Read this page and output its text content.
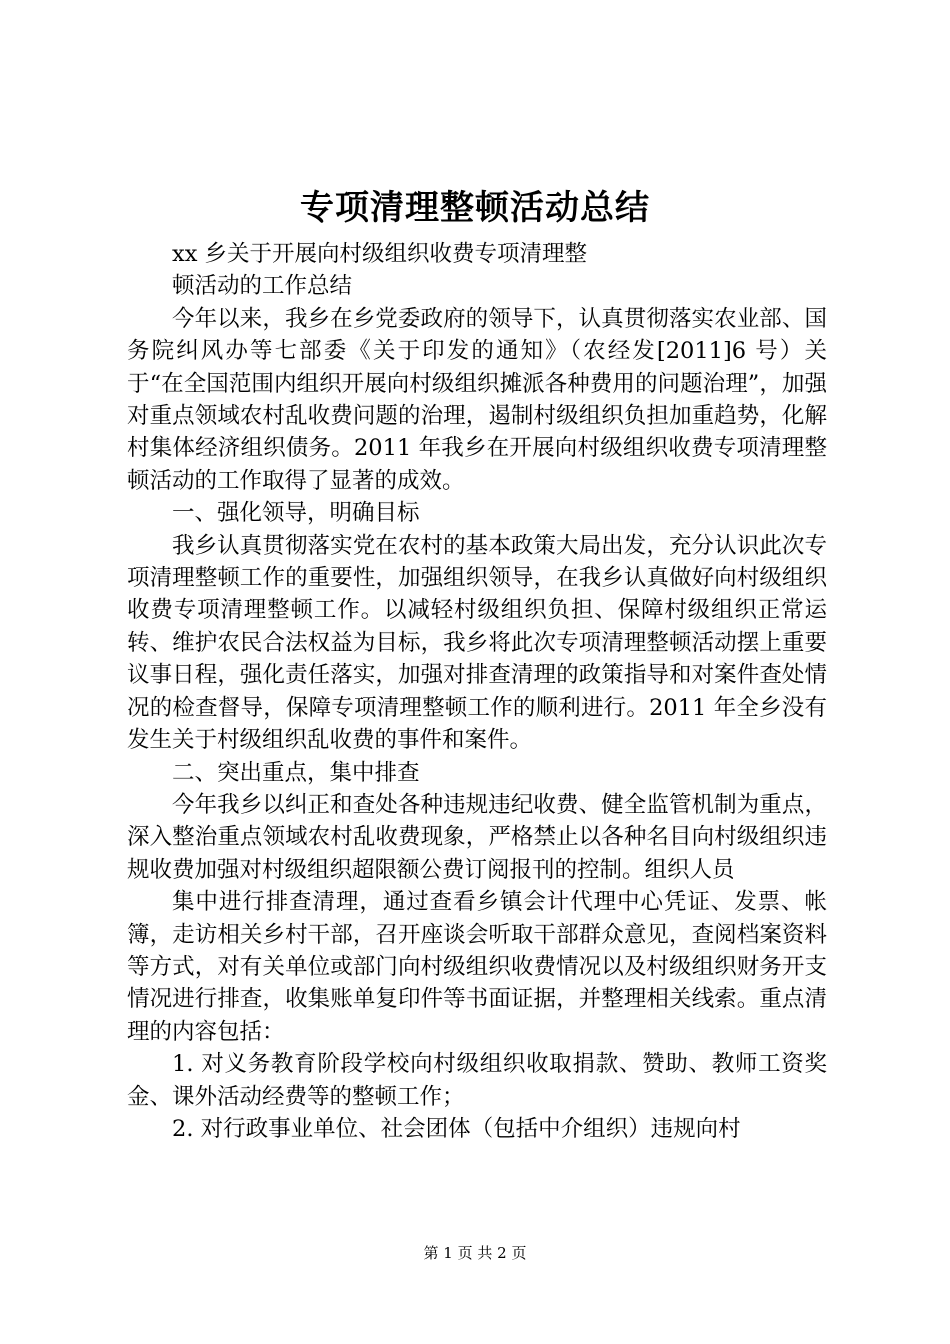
专项清理整顿活动总结

xx 乡关于开展向村级组织收费专项清理整

顿活动的工作总结

今年以来，我乡在乡党委政府的领导下，认真贯彻落实农业部、国务院纠风办等七部委《关于印发的通知》（农经发[2011]6 号）关于“在全国范围内组织开展向村级组织摊派各种费用的问题治理”，加强对重点领域农村乱收费问题的治理，遏制村级组织负担加重趋势，化解村集体经济组织债务。2011 年我乡在开展向村级组织收费专项清理整顿活动的工作取得了显著的成效。

一、强化领导，明确目标

我乡认真贯彻落实党在农村的基本政策大局出发，充分认识此次专项清理整顿工作的重要性，加强组织领导，在我乡认真做好向村级组织收费专项清理整顿工作。以减轻村级组织负担、保障村级组织正常运转、维护农民合法权益为目标，我乡将此次专项清理整顿活动摆上重要议事日程，强化责任落实，加强对排查清理的政策指导和对案件查处情况的检查督导，保障专项清理整顿工作的顺利进行。2011 年全乡没有发生关于村级组织乱收费的事件和案件。

二、突出重点，集中排查

今年我乡以纠正和查处各种违规违纪收费、健全监管机制为重点，深入整治重点领域农村乱收费现象，严格禁止以各种名目向村级组织违规收费加强对村级组织超限额公费订阅报刊的控制。组织人员

集中进行排查清理，通过查看乡镇会计代理中心凭证、发票、帐簿，走访相关乡村干部，召开座谈会听取干部群众意见，查阅档案资料等方式，对有关单位或部门向村级组织收费情况以及村级组织财务开支情况进行排查，收集账单复印件等书面证据，并整理相关线索。重点清理的内容包括：

1. 对义务教育阶段学校向村级组织收取捐款、赞助、教师工资奖金、课外活动经费等的整顿工作；

2. 对行政事业单位、社会团体（包括中介组织）违规向村

第 1 页 共 2 页
